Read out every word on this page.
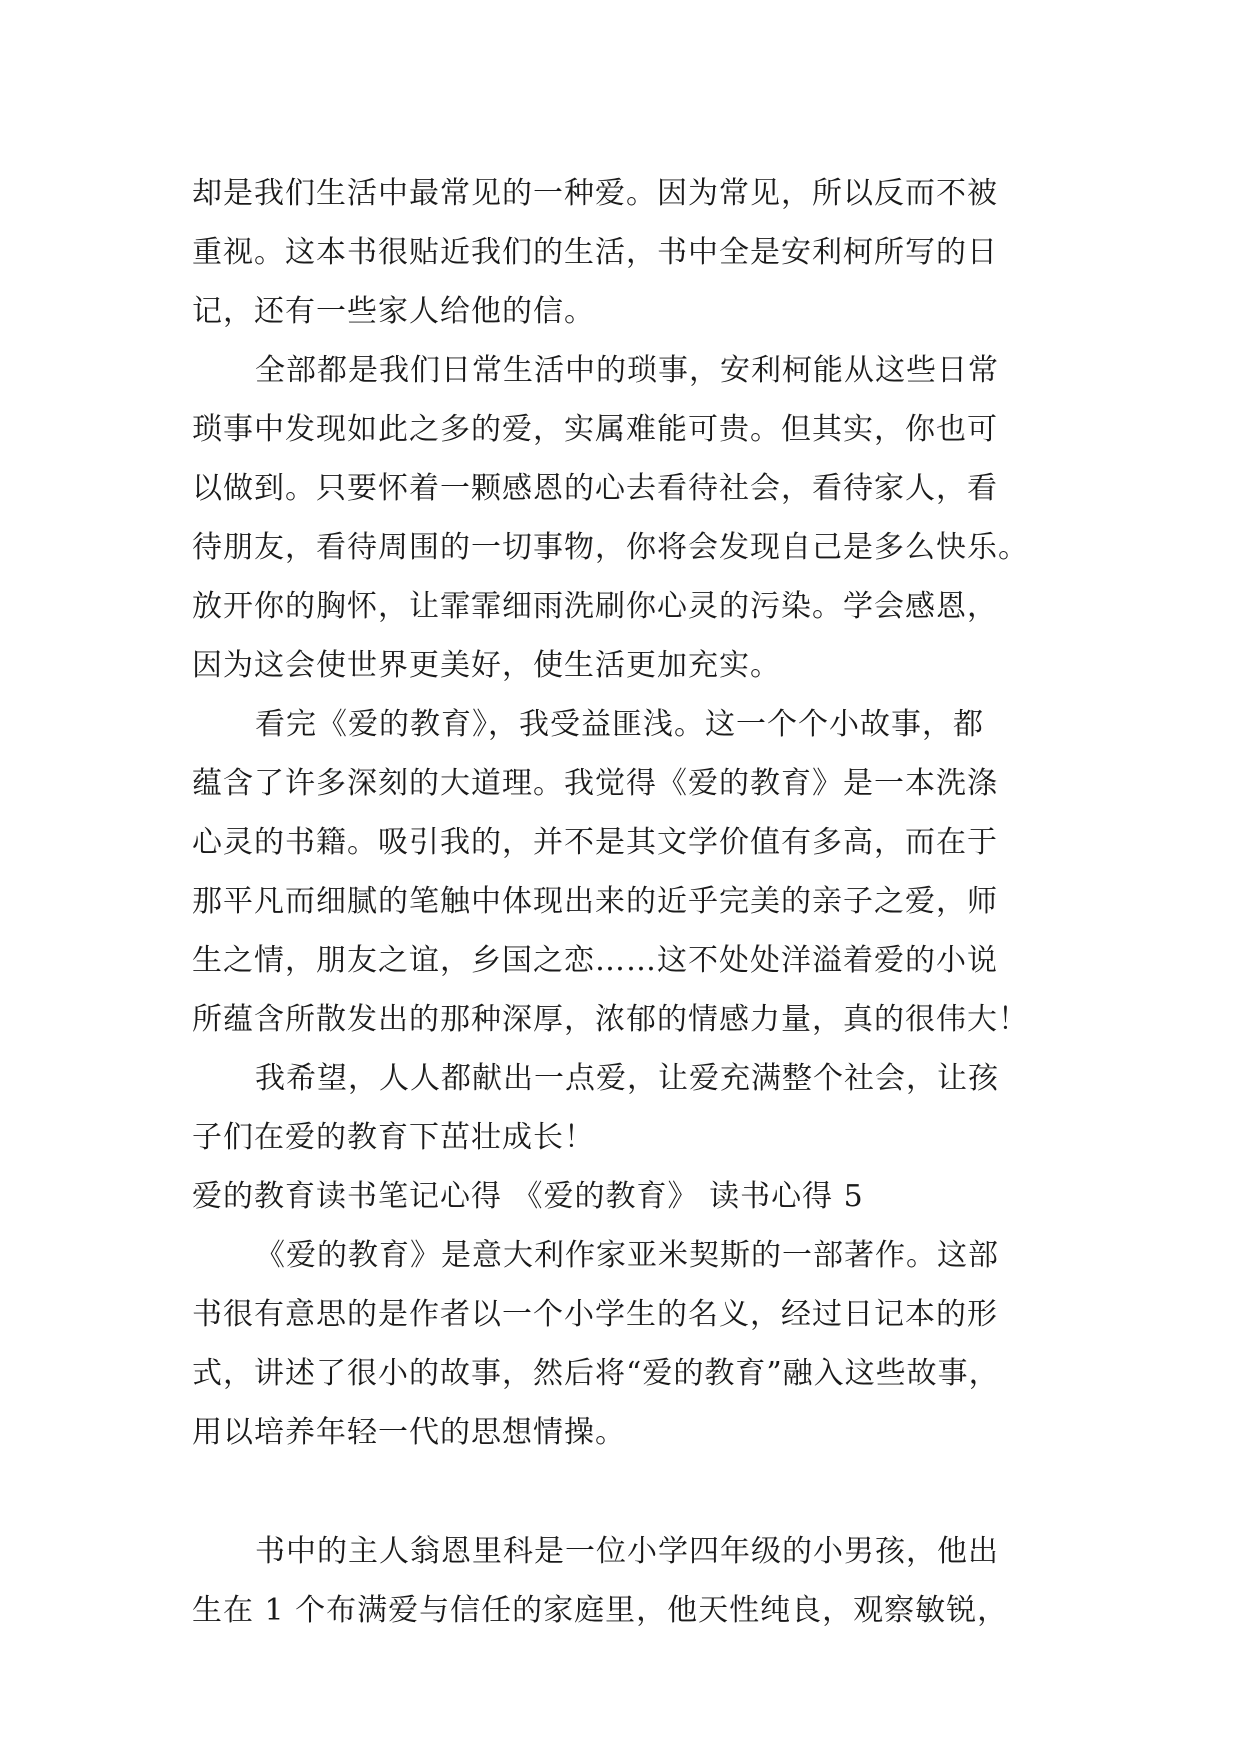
却是我们生活中最常见的一种爱。因为常见，所以反而不被
重视。这本书很贴近我们的生活，书中全是安利柯所写的日
记，还有一些家人给他的信。
全部都是我们日常生活中的琐事，安利柯能从这些日常
琐事中发现如此之多的爱，实属难能可贵。但其实，你也可
以做到。只要怀着一颗感恩的心去看待社会，看待家人，看
待朋友，看待周围的一切事物，你将会发现自己是多么快乐。
放开你的胸怀，让霏霏细雨洗刷你心灵的污染。学会感恩，
因为这会使世界更美好，使生活更加充实。
看完《爱的教育》，我受益匪浅。这一个个小故事，都
蕴含了许多深刻的大道理。我觉得《爱的教育》是一本洗涤
心灵的书籍。吸引我的，并不是其文学价值有多高，而在于
那平凡而细腻的笔触中体现出来的近乎完美的亲子之爱，师
生之情，朋友之谊，乡国之恋……这不处处洋溢着爱的小说
所蕴含所散发出的那种深厚，浓郁的情感力量，真的很伟大！
我希望，人人都献出一点爱，让爱充满整个社会，让孩
子们在爱的教育下茁壮成长！
爱的教育读书笔记心得 《爱的教育》 读书心得 5
《爱的教育》是意大利作家亚米契斯的一部著作。这部
书很有意思的是作者以一个小学生的名义，经过日记本的形
式，讲述了很小的故事，然后将“爱的教育”融入这些故事，
用以培养年轻一代的思想情操。
书中的主人翁恩里科是一位小学四年级的小男孩，他出
生在 1 个布满爱与信任的家庭里，他天性纯良，观察敏锐，
